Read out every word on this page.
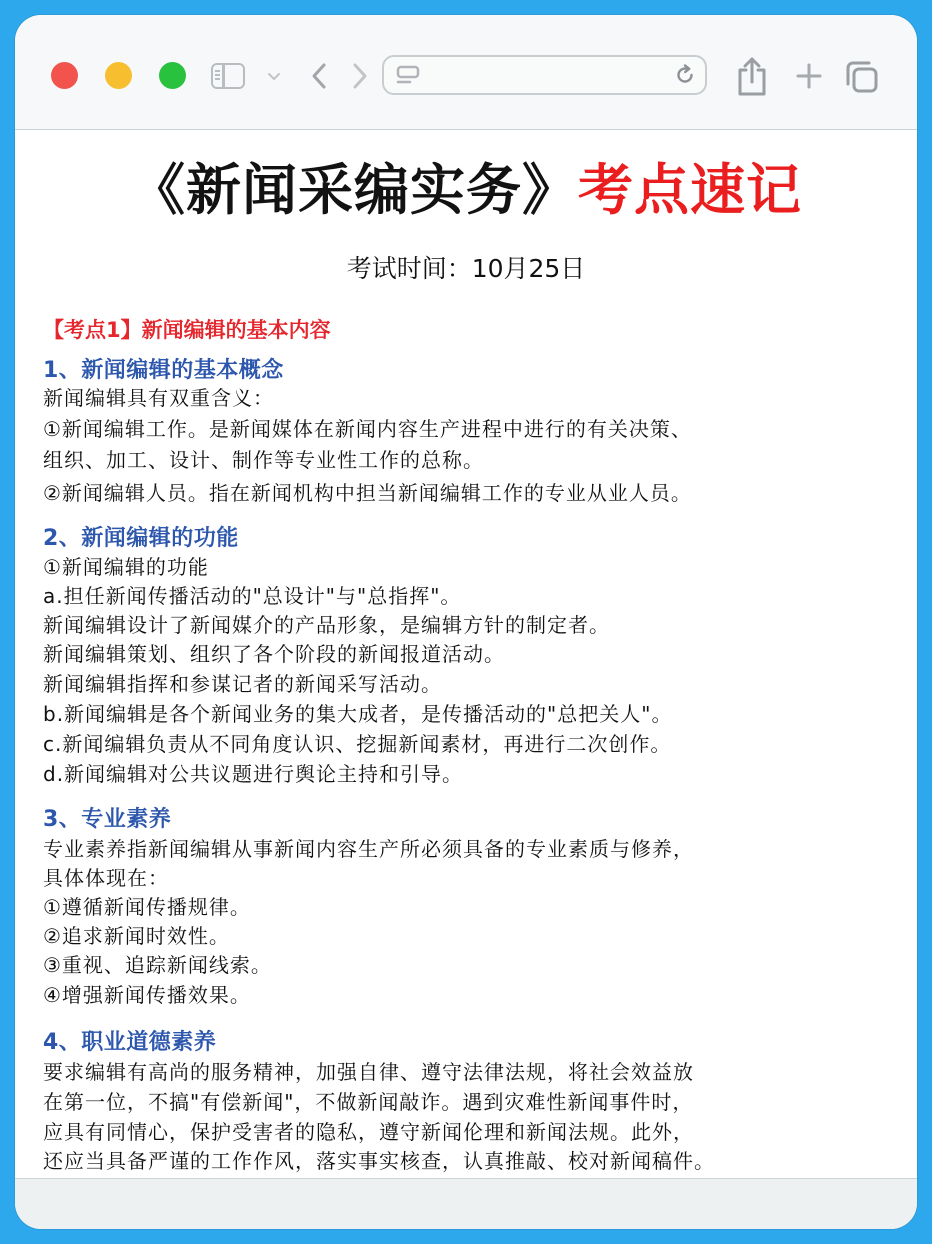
《新闻采编实务》考点速记
考试时间：10月25日
【考点1】新闻编辑的基本内容
1、新闻编辑的基本概念
新闻编辑具有双重含义：
①新闻编辑工作。是新闻媒体在新闻内容生产进程中进行的有关决策、
组织、加工、设计、制作等专业性工作的总称。
②新闻编辑人员。指在新闻机构中担当新闻编辑工作的专业从业人员。
2、新闻编辑的功能
①新闻编辑的功能
a.担任新闻传播活动的"总设计"与"总指挥"。
新闻编辑设计了新闻媒介的产品形象，是编辑方针的制定者。
新闻编辑策划、组织了各个阶段的新闻报道活动。
新闻编辑指挥和参谋记者的新闻采写活动。
b.新闻编辑是各个新闻业务的集大成者，是传播活动的"总把关人"。
c.新闻编辑负责从不同角度认识、挖掘新闻素材，再进行二次创作。
d.新闻编辑对公共议题进行舆论主持和引导。
3、专业素养
专业素养指新闻编辑从事新闻内容生产所必须具备的专业素质与修养，
具体体现在：
①遵循新闻传播规律。
②追求新闻时效性。
③重视、追踪新闻线索。
④增强新闻传播效果。
4、职业道德素养
要求编辑有高尚的服务精神，加强自律、遵守法律法规，将社会效益放
在第一位，不搞"有偿新闻"，不做新闻敲诈。遇到灾难性新闻事件时，
应具有同情心，保护受害者的隐私，遵守新闻伦理和新闻法规。此外，
还应当具备严谨的工作作风，落实事实核查，认真推敲、校对新闻稿件。
